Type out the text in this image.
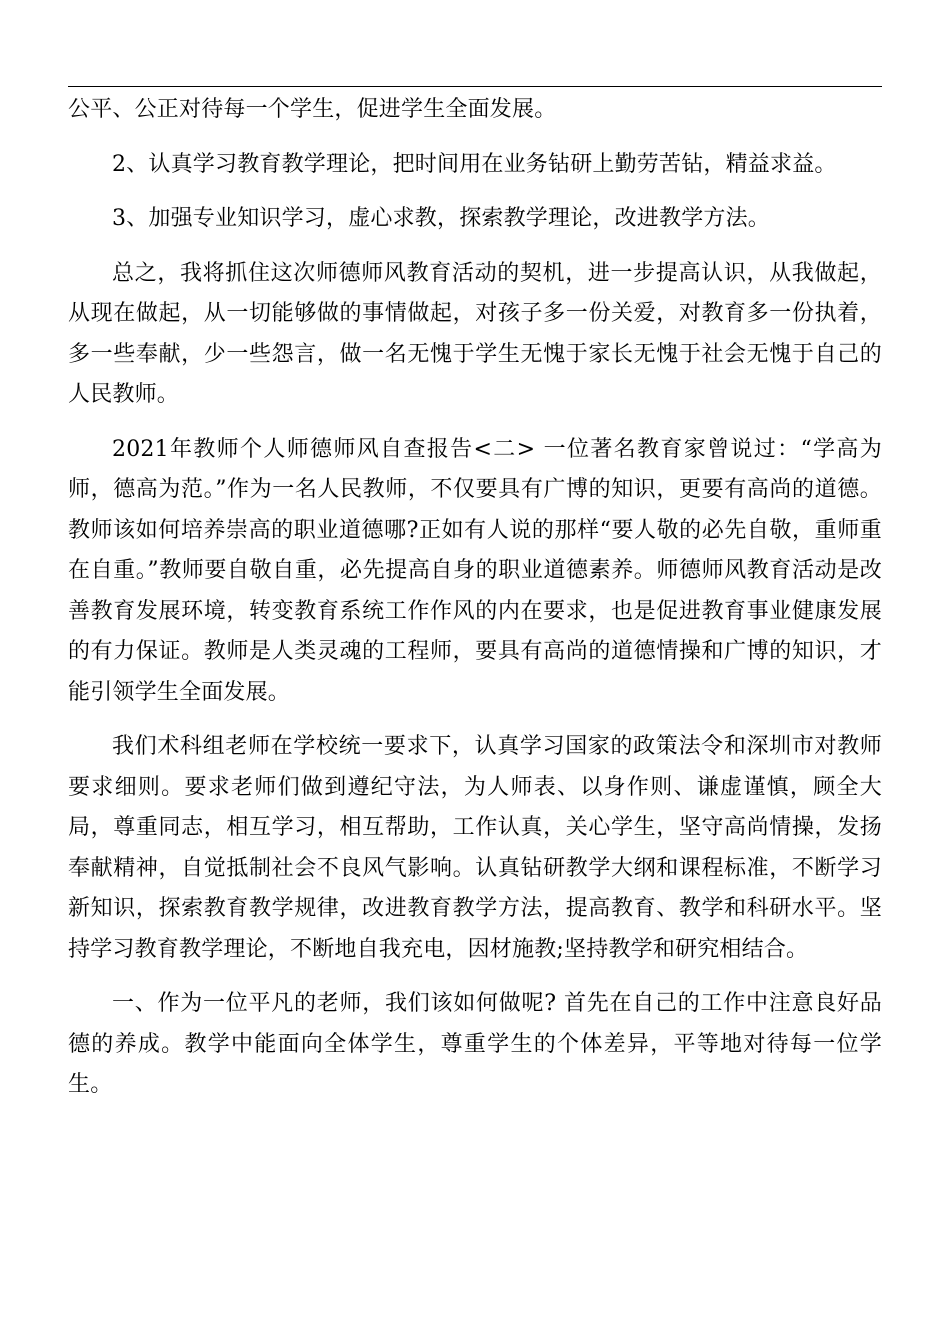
公平、公正对待每一个学生，促进学生全面发展。

2、认真学习教育教学理论，把时间用在业务钻研上勤劳苦钻，精益求益。

3、加强专业知识学习，虚心求教，探索教学理论，改进教学方法。

总之，我将抓住这次师德师风教育活动的契机，进一步提高认识，从我做起，从现在做起，从一切能够做的事情做起，对孩子多一份关爱，对教育多一份执着，多一些奉献，少一些怨言，做一名无愧于学生无愧于家长无愧于社会无愧于自己的人民教师。

2021年教师个人师德师风自查报告<二> 一位著名教育家曾说过：“学高为师，德高为范。”作为一名人民教师，不仅要具有广博的知识，更要有高尚的道德。教师该如何培养崇高的职业道德哪?正如有人说的那样“要人敬的必先自敬，重师重在自重。”教师要自敬自重，必先提高自身的职业道德素养。师德师风教育活动是改善教育发展环境，转变教育系统工作作风的内在要求，也是促进教育事业健康发展的有力保证。教师是人类灵魂的工程师，要具有高尚的道德情操和广博的知识，才能引领学生全面发展。

我们术科组老师在学校统一要求下，认真学习国家的政策法令和深圳市对教师要求细则。要求老师们做到遵纪守法，为人师表、以身作则、谦虚谨慎，顾全大局，尊重同志，相互学习，相互帮助，工作认真，关心学生，坚守高尚情操，发扬奉献精神，自觉抵制社会不良风气影响。认真钻研教学大纲和课程标准，不断学习新知识，探索教育教学规律，改进教育教学方法，提高教育、教学和科研水平。坚持学习教育教学理论，不断地自我充电，因材施教;坚持教学和研究相结合。

一、作为一位平凡的老师，我们该如何做呢? 首先在自己的工作中注意良好品德的养成。教学中能面向全体学生，尊重学生的个体差异，平等地对待每一位学生。
